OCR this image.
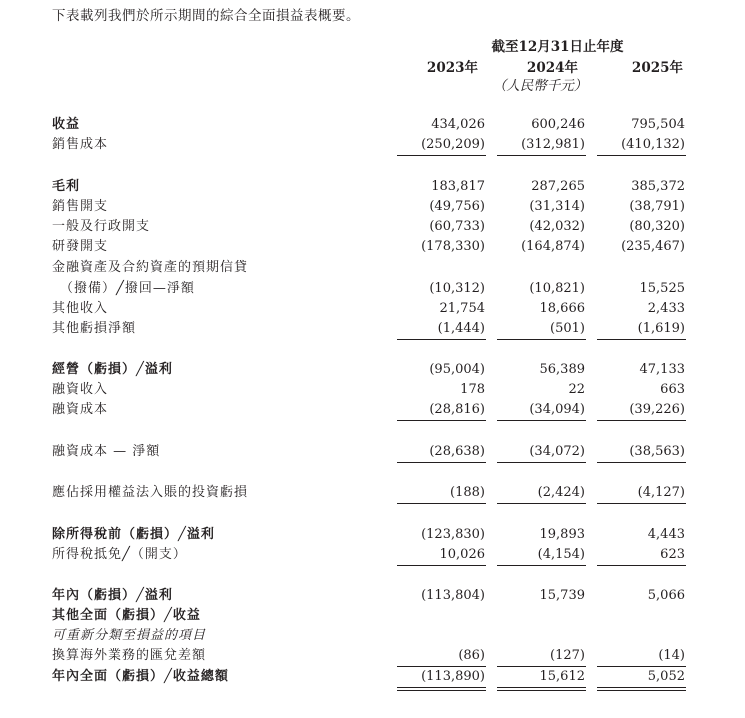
下表載列我們於所示期間的綜合全面損益表概要。
截至12月31日止年度
2023年	2024年	2025年
（人民幣千元）
收益	434,026	600,246	795,504
銷售成本	(250,209)	(312,981)	(410,132)
毛利	183,817	287,265	385,372
銷售開支	(49,756)	(31,314)	(38,791)
一般及行政開支	(60,733)	(42,032)	(80,320)
研發開支	(178,330)	(164,874)	(235,467)
金融資產及合約資產的預期信貸
（撥備）╱撥回—淨額	(10,312)	(10,821)	15,525
其他收入	21,754	18,666	2,433
其他虧損淨額	(1,444)	(501)	(1,619)
經營（虧損）╱溢利	(95,004)	56,389	47,133
融資收入	178	22	663
融資成本	(28,816)	(34,094)	(39,226)
融資成本 — 淨額	(28,638)	(34,072)	(38,563)
應佔採用權益法入賬的投資虧損	(188)	(2,424)	(4,127)
除所得稅前（虧損）╱溢利	(123,830)	19,893	4,443
所得稅抵免╱（開支）	10,026	(4,154)	623
年內（虧損）╱溢利	(113,804)	15,739	5,066
其他全面（虧損）╱收益
可重新分類至損益的項目
換算海外業務的匯兌差額	(86)	(127)	(14)
年內全面（虧損）╱收益總額	(113,890)	15,612	5,052
